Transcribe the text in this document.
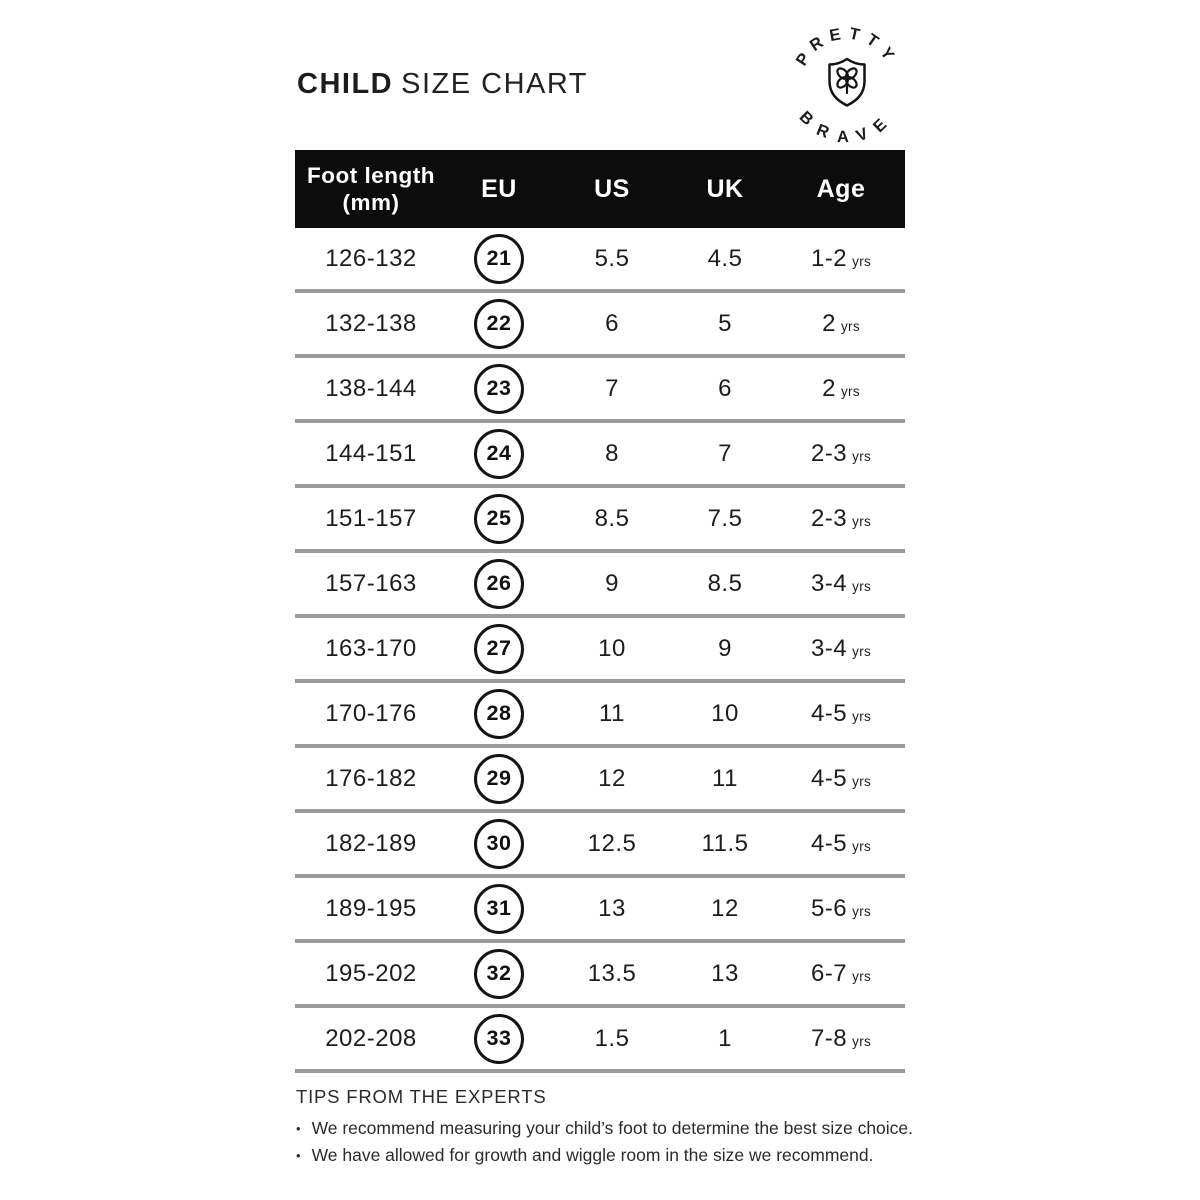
CHILD SIZE CHART
PRETTY
BRAVE
Foot length
(mm)	EU	US	UK	Age
126-132	21	5.5	4.5	1-2 yrs
132-138	22	6	5	2 yrs
138-144	23	7	6	2 yrs
144-151	24	8	7	2-3 yrs
151-157	25	8.5	7.5	2-3 yrs
157-163	26	9	8.5	3-4 yrs
163-170	27	10	9	3-4 yrs
170-176	28	11	10	4-5 yrs
176-182	29	12	11	4-5 yrs
182-189	30	12.5	11.5	4-5 yrs
189-195	31	13	12	5-6 yrs
195-202	32	13.5	13	6-7 yrs
202-208	33	1.5	1	7-8 yrs
TIPS FROM THE EXPERTS
• We recommend measuring your child’s foot to determine the best size choice.
• We have allowed for growth and wiggle room in the size we recommend.
